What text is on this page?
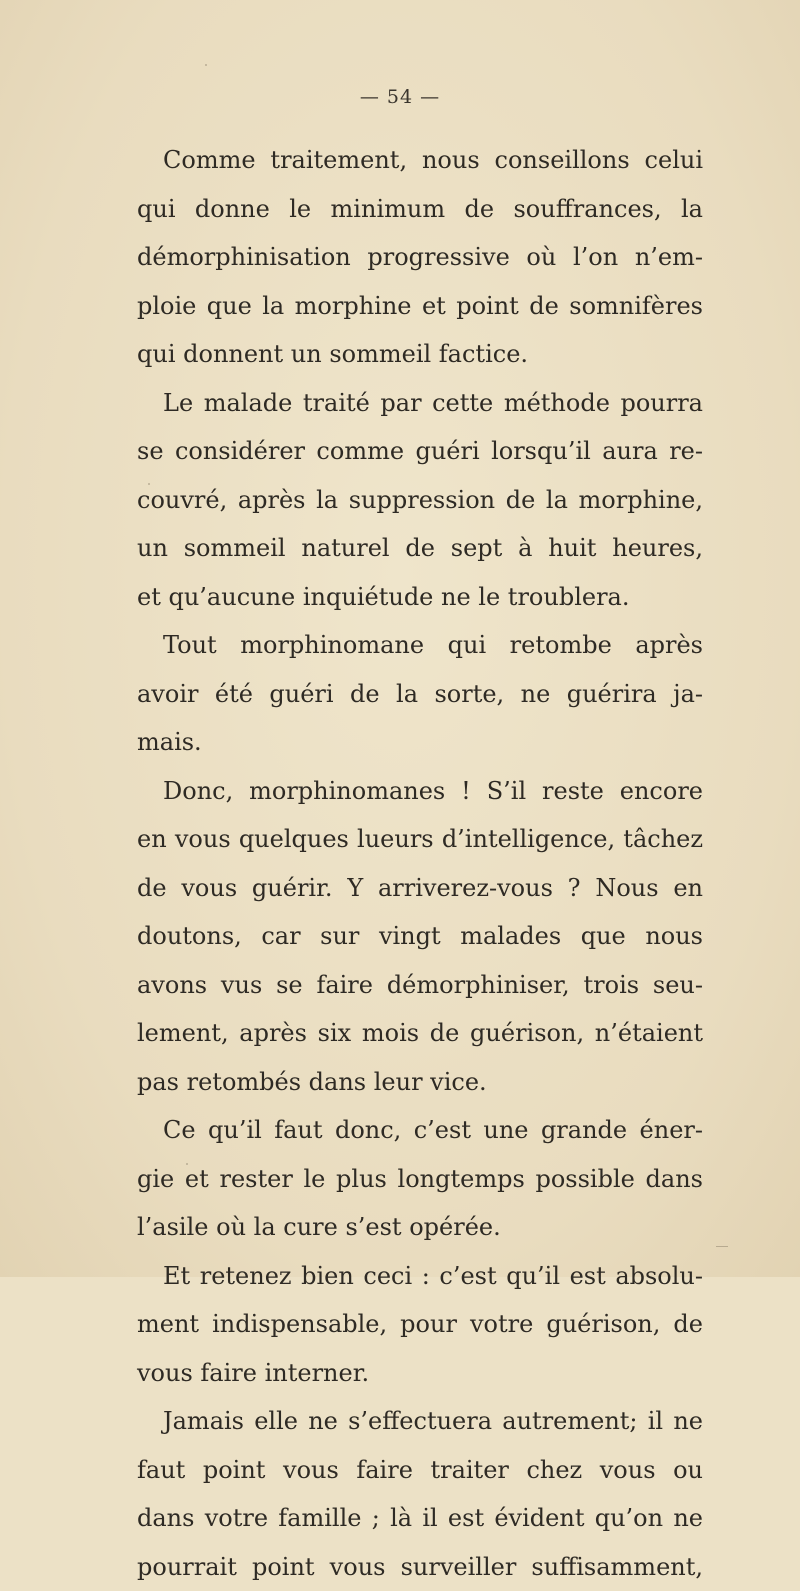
— 54 —
Comme traitement, nous conseillons celui
qui donne le minimum de souffrances, la
démorphinisation progressive où l’on n’em-
ploie que la morphine et point de somnifères
qui donnent un sommeil factice.
Le malade traité par cette méthode pourra
se considérer comme guéri lorsqu’il aura re-
couvré, après la suppression de la morphine,
un sommeil naturel de sept à huit heures,
et qu’aucune inquiétude ne le troublera.
Tout morphinomane qui retombe après
avoir été guéri de la sorte, ne guérira ja-
mais.
Donc, morphinomanes ! S’il reste encore
en vous quelques lueurs d’intelligence, tâchez
de vous guérir. Y arriverez-vous ? Nous en
doutons, car sur vingt malades que nous
avons vus se faire démorphiniser, trois seu-
lement, après six mois de guérison, n’étaient
pas retombés dans leur vice.
Ce qu’il faut donc, c’est une grande éner-
gie et rester le plus longtemps possible dans
l’asile où la cure s’est opérée.
Et retenez bien ceci : c’est qu’il est absolu-
ment indispensable, pour votre guérison, de
vous faire interner.
Jamais elle ne s’effectuera autrement; il ne
faut point vous faire traiter chez vous ou
dans votre famille ; là il est évident qu’on ne
pourrait point vous surveiller suffisamment,
